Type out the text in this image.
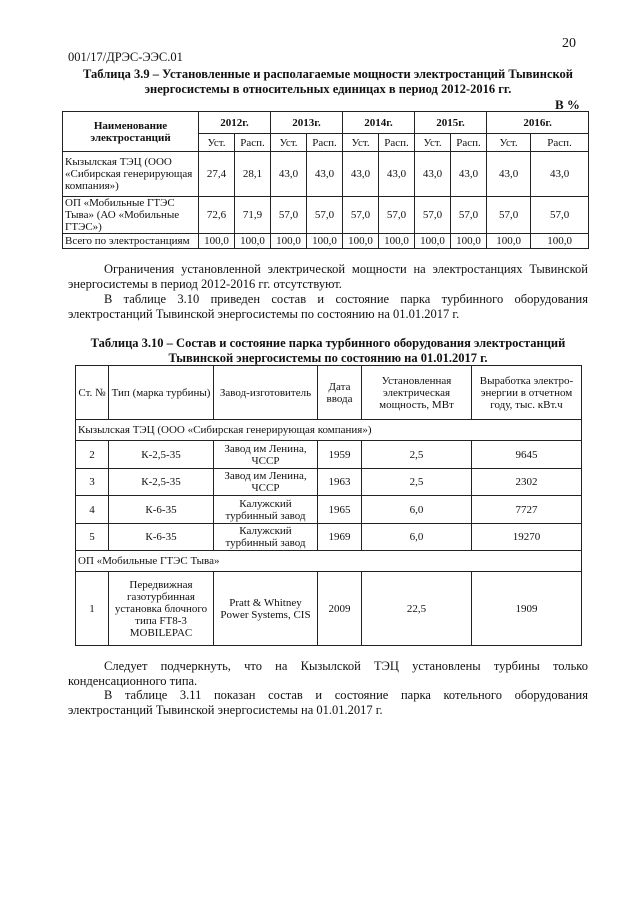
20
001/17/ДРЭС-ЭЭС.01
Таблица 3.9 – Установленные и располагаемые мощности электростанций Тывинской энергосистемы в относительных единицах в период 2012-2016 гг.
В %
Наименование электростанций	2012г.		2013г.		2014г.		2015г.		2016г.	
	Уст.	Расп.	Уст.	Расп.	Уст.	Расп.	Уст.	Расп.	Уст.	Расп.
Кызылская ТЭЦ (ООО «Сибирская генерирующая компания»)	27,4	28,1	43,0	43,0	43,0	43,0	43,0	43,0	43,0	43,0
ОП «Мобильные ГТЭС Тыва» (АО «Мобильные ГТЭС»)	72,6	71,9	57,0	57,0	57,0	57,0	57,0	57,0	57,0	57,0
Всего по электростанциям	100,0	100,0	100,0	100,0	100,0	100,0	100,0	100,0	100,0	100,0
Ограничения установленной электрической мощности на электростанциях Тывинской энергосистемы в период 2012-2016 гг. отсутствуют.
В таблице 3.10 приведен состав и состояние парка турбинного оборудования электростанций Тывинской энергосистемы по состоянию на 01.01.2017 г.
Таблица 3.10 – Состав и состояние парка турбинного оборудования электростанций Тывинской энергосистемы по состоянию на 01.01.2017 г.
Ст. №	Тип (марка турбины)	Завод-изготовитель	Дата ввода	Установленная электрическая мощность, МВт	Выработка электро-энергии в отчетном году, тыс. кВт.ч
Кызылская ТЭЦ (ООО «Сибирская генерирующая компания»)					
2	К-2,5-35	Завод им Ленина, ЧССР	1959	2,5	9645
3	К-2,5-35	Завод им Ленина, ЧССР	1963	2,5	2302
4	К-6-35	Калужский турбинный завод	1965	6,0	7727
5	К-6-35	Калужский турбинный завод	1969	6,0	19270
ОП «Мобильные ГТЭС Тыва»					
1	Передвижная газотурбинная установка блочного типа FT8-3 MOBILEPAC	Pratt & Whitney Power Systems, CIS	2009	22,5	1909
Следует подчеркнуть, что на Кызылской ТЭЦ установлены турбины только конденсационного типа.
В таблице 3.11 показан состав и состояние парка котельного оборудования электростанций Тывинской энергосистемы на 01.01.2017 г.
